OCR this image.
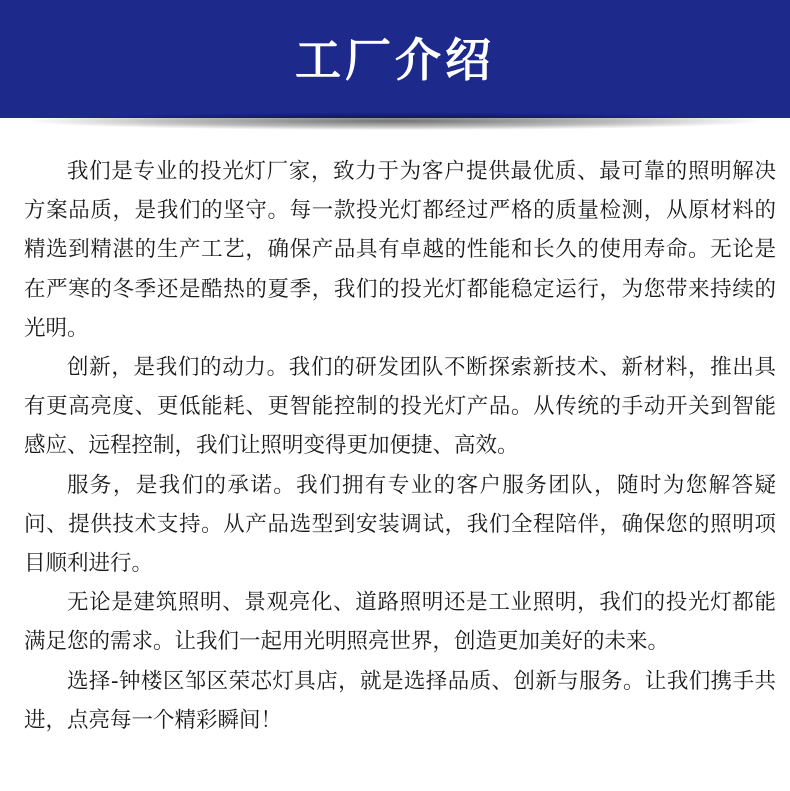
工厂介绍

我们是专业的投光灯厂家，致力于为客户提供最优质、最可靠的照明解决方案品质，是我们的坚守。每一款投光灯都经过严格的质量检测，从原材料的精选到精湛的生产工艺，确保产品具有卓越的性能和长久的使用寿命。无论是在严寒的冬季还是酷热的夏季，我们的投光灯都能稳定运行，为您带来持续的光明。

创新，是我们的动力。我们的研发团队不断探索新技术、新材料，推出具有更高亮度、更低能耗、更智能控制的投光灯产品。从传统的手动开关到智能感应、远程控制，我们让照明变得更加便捷、高效。

服务，是我们的承诺。我们拥有专业的客户服务团队，随时为您解答疑问、提供技术支持。从产品选型到安装调试，我们全程陪伴，确保您的照明项目顺利进行。

无论是建筑照明、景观亮化、道路照明还是工业照明，我们的投光灯都能满足您的需求。让我们一起用光明照亮世界，创造更加美好的未来。

选择-钟楼区邹区荣芯灯具店，就是选择品质、创新与服务。让我们携手共进，点亮每一个精彩瞬间！
